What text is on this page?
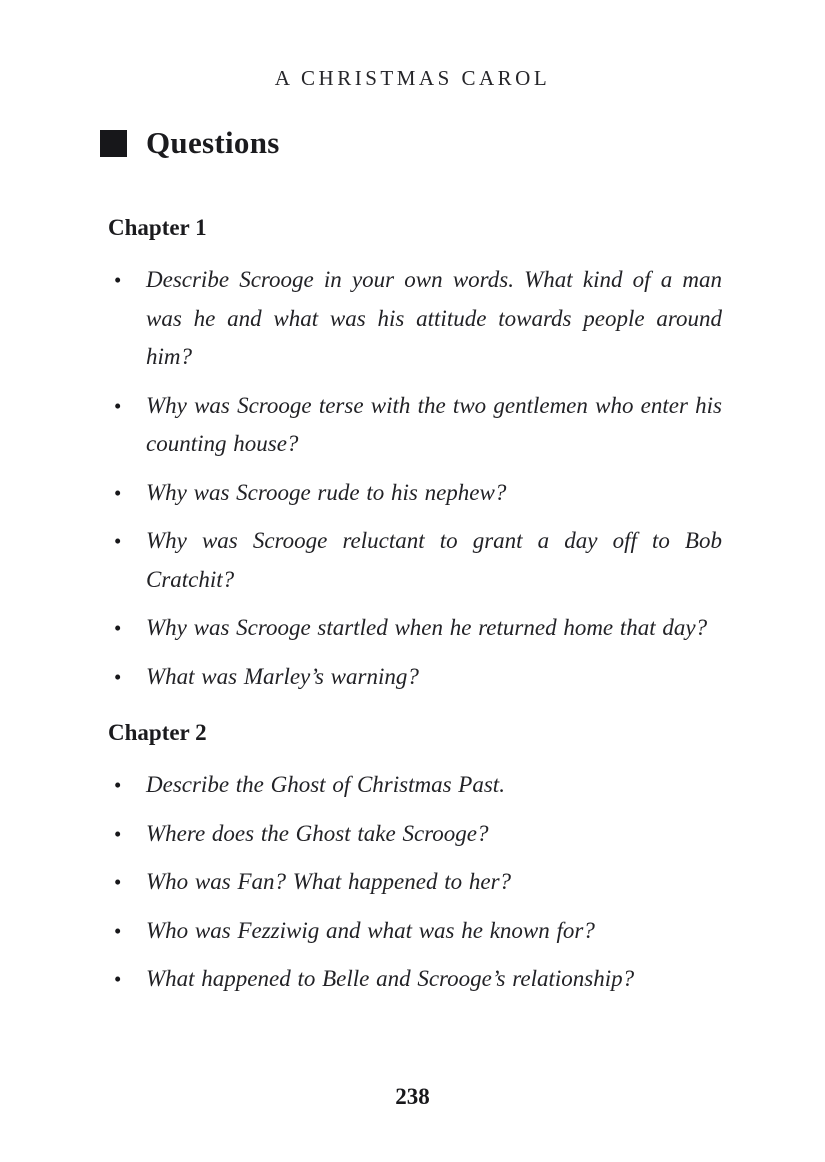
A CHRISTMAS CAROL
Questions
Chapter 1
• Describe Scrooge in your own words. What kind of a man was he and what was his attitude towards people around him?
• Why was Scrooge terse with the two gentlemen who enter his counting house?
• Why was Scrooge rude to his nephew?
• Why was Scrooge reluctant to grant a day off to Bob Cratchit?
• Why was Scrooge startled when he returned home that day?
• What was Marley’s warning?
Chapter 2
• Describe the Ghost of Christmas Past.
• Where does the Ghost take Scrooge?
• Who was Fan? What happened to her?
• Who was Fezziwig and what was he known for?
• What happened to Belle and Scrooge’s relationship?
238
